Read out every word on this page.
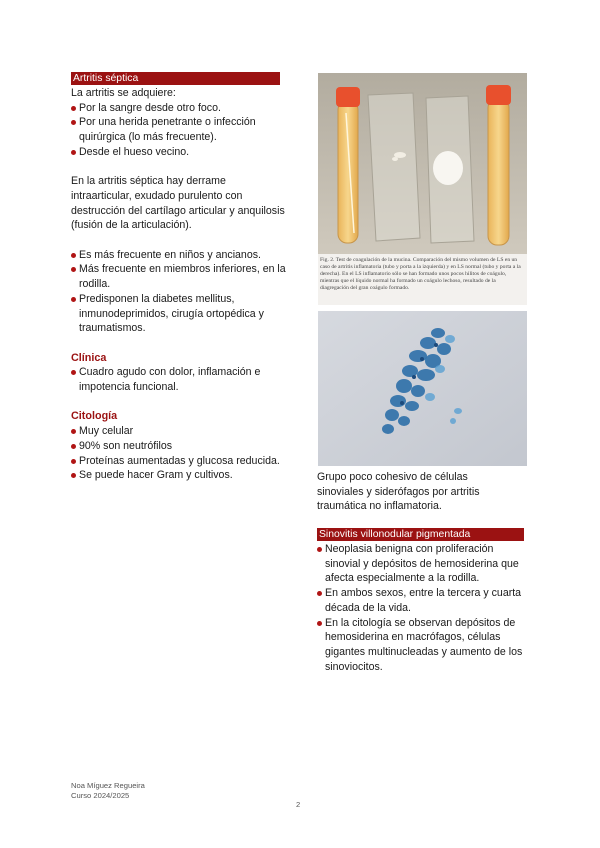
Artritis séptica

La artritis se adquiere:

Por la sangre desde otro foco.
Por una herida penetrante o infección quirúrgica (lo más frecuente).
Desde el hueso vecino.

En la artritis séptica hay derrame intraarticular, exudado purulento con destrucción del cartílago articular y anquilosis (fusión de la articulación).

Es más frecuente en niños y ancianos.
Más frecuente en miembros inferiores, en la rodilla.
Predisponen la diabetes mellitus, inmunodeprimidos, cirugía ortopédica y traumatismos.
Clínica
Cuadro agudo con dolor, inflamación e impotencia funcional.
Citología
Muy celular
90% son neutrófilos
Proteínas aumentadas y glucosa reducida.
Se puede hacer Gram y cultivos.
Fig. 2. Test de coagulación de la mucina. Comparación del mismo volumen de LS en un caso de artritis inflamatoria (tubo y porta a la izquierda) y en LS normal (tubo y porta a la derecha). En el LS inflamatorio sólo se han formado unos pocos hilitos de coágulo, mientras que el líquido normal ha formado un coágulo lechoso, resultado de la diagregación del gran coágulo formado.
Grupo poco cohesivo de células sinoviales y siderófagos por artritis traumática no inflamatoria.
Sinovitis villonodular pigmentada
Neoplasia benigna con proliferación sinovial y depósitos de hemosiderina que afecta especialmente a la rodilla.
En ambos sexos, entre la tercera y cuarta década de la vida.
En la citología se observan depósitos de hemosiderina en macrófagos, células gigantes multinucleadas y aumento de los sinoviocitos.
Noa Míguez Regueira
Curso 2024/2025
2
